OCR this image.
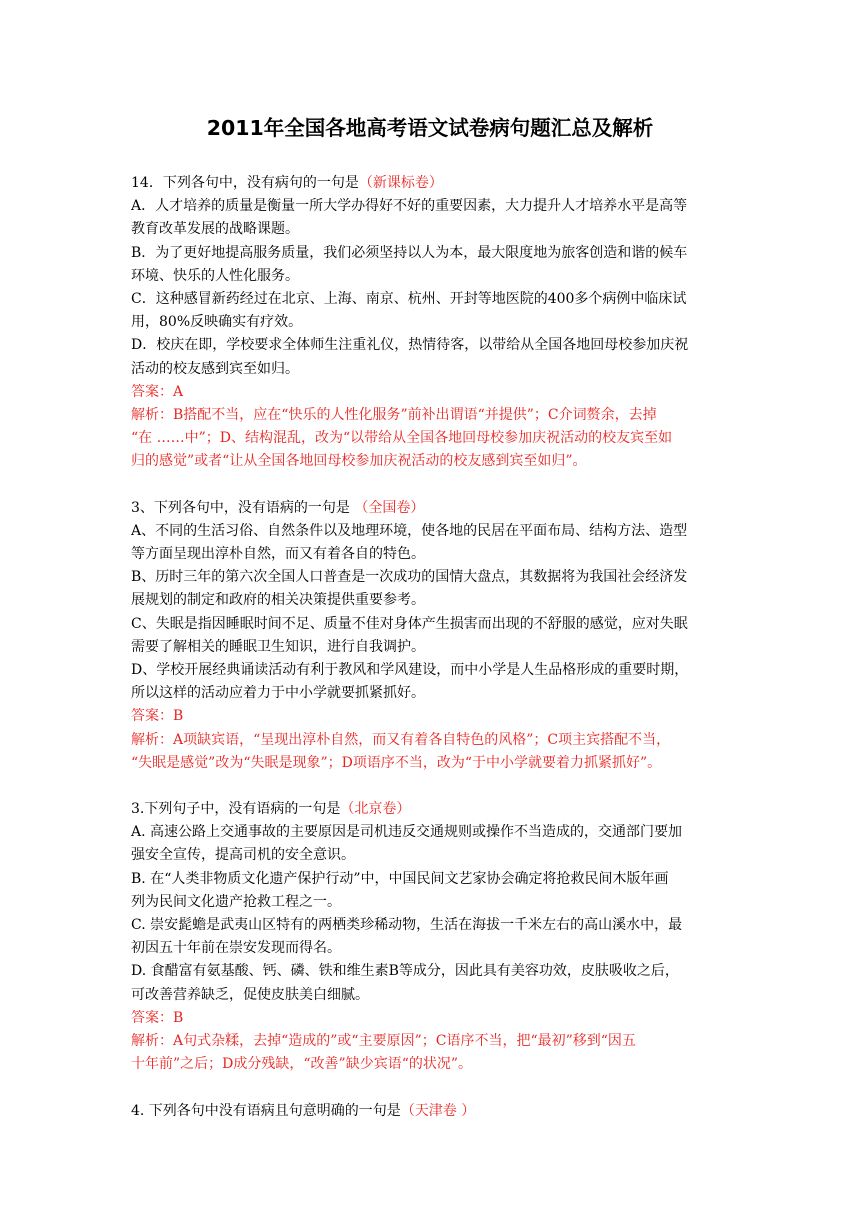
2011年全国各地高考语文试卷病句题汇总及解析
14．下列各句中，没有病句的一句是（新课标卷）
A．人才培养的质量是衡量一所大学办得好不好的重要因素，大力提升人才培养水平是高等
教育改革发展的战略课题。
B．为了更好地提高服务质量，我们必须坚持以人为本，最大限度地为旅客创造和谐的候车
环境、快乐的人性化服务。
C．这种感冒新药经过在北京、上海、南京、杭州、开封等地医院的400多个病例中临床试
用，80%反映确实有疗效。
D．校庆在即，学校要求全体师生注重礼仪，热情待客，以带给从全国各地回母校参加庆祝
活动的校友感到宾至如归。
答案：A
解析：B搭配不当，应在“快乐的人性化服务”前补出谓语“并提供”；C介词赘余，去掉
“在 ……中”；D、结构混乱，改为“以带给从全国各地回母校参加庆祝活动的校友宾至如
归的感觉”或者“让从全国各地回母校参加庆祝活动的校友感到宾至如归”。
3、下列各句中，没有语病的一句是 （全国卷）
A、不同的生活习俗、自然条件以及地理环境，使各地的民居在平面布局、结构方法、造型
等方面呈现出淳朴自然，而又有着各自的特色。
B、历时三年的第六次全国人口普查是一次成功的国情大盘点，其数据将为我国社会经济发
展规划的制定和政府的相关决策提供重要参考。
C、失眠是指因睡眠时间不足、质量不佳对身体产生损害而出现的不舒服的感觉，应对失眠
需要了解相关的睡眠卫生知识，进行自我调护。
D、学校开展经典诵读活动有利于教风和学风建设，而中小学是人生品格形成的重要时期，
所以这样的活动应着力于中小学就要抓紧抓好。
答案：B
解析：A项缺宾语，“呈现出淳朴自然，而又有着各自特色的风格”；C项主宾搭配不当，
“失眠是感觉”改为“失眠是现象”；D项语序不当，改为“于中小学就要着力抓紧抓好”。
3.下列句子中，没有语病的一句是（北京卷）
A. 高速公路上交通事故的主要原因是司机违反交通规则或操作不当造成的，交通部门要加
强安全宣传，提高司机的安全意识。
B. 在“人类非物质文化遗产保护行动”中，中国民间文艺家协会确定将抢救民间木版年画
列为民间文化遗产抢救工程之一。
C. 崇安髭蟾是武夷山区特有的两栖类珍稀动物，生活在海拔一千米左右的高山溪水中，最
初因五十年前在崇安发现而得名。
D. 食醋富有氨基酸、钙、磷、铁和维生素B等成分，因此具有美容功效，皮肤吸收之后，
可改善营养缺乏，促使皮肤美白细腻。
答案：B
解析：A句式杂糅，去掉“造成的”或“主要原因”；C语序不当，把“最初”移到“因五
十年前”之后；D成分残缺，“改善”缺少宾语“的状况”。
4. 下列各句中没有语病且句意明确的一句是（天津卷 ）
